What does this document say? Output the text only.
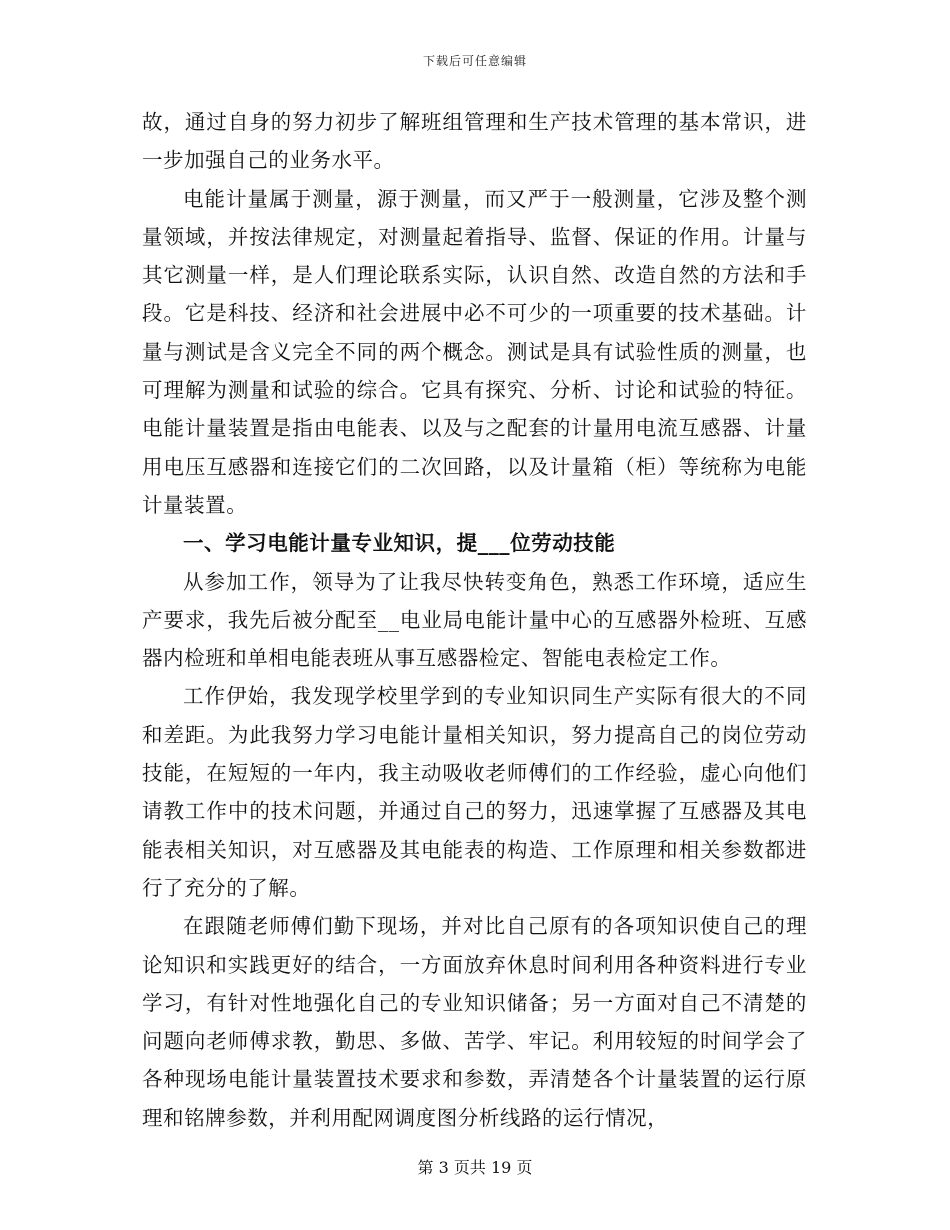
下载后可任意编辑

故，通过自身的努力初步了解班组管理和生产技术管理的基本常识，进一步加强自己的业务水平。

电能计量属于测量，源于测量，而又严于一般测量，它涉及整个测量领域，并按法律规定，对测量起着指导、监督、保证的作用。计量与其它测量一样，是人们理论联系实际，认识自然、改造自然的方法和手段。它是科技、经济和社会进展中必不可少的一项重要的技术基础。计量与测试是含义完全不同的两个概念。测试是具有试验性质的测量，也可理解为测量和试验的综合。它具有探究、分析、讨论和试验的特征。电能计量装置是指由电能表、以及与之配套的计量用电流互感器、计量用电压互感器和连接它们的二次回路，以及计量箱（柜）等统称为电能计量装置。

一、学习电能计量专业知识，提___位劳动技能

从参加工作，领导为了让我尽快转变角色，熟悉工作环境，适应生产要求，我先后被分配至__电业局电能计量中心的互感器外检班、互感器内检班和单相电能表班从事互感器检定、智能电表检定工作。

工作伊始，我发现学校里学到的专业知识同生产实际有很大的不同和差距。为此我努力学习电能计量相关知识，努力提高自己的岗位劳动技能，在短短的一年内，我主动吸收老师傅们的工作经验，虚心向他们请教工作中的技术问题，并通过自己的努力，迅速掌握了互感器及其电能表相关知识，对互感器及其电能表的构造、工作原理和相关参数都进行了充分的了解。

在跟随老师傅们勤下现场，并对比自己原有的各项知识使自己的理论知识和实践更好的结合，一方面放弃休息时间利用各种资料进行专业学习，有针对性地强化自己的专业知识储备；另一方面对自己不清楚的问题向老师傅求教，勤思、多做、苦学、牢记。利用较短的时间学会了各种现场电能计量装置技术要求和参数，弄清楚各个计量装置的运行原理和铭牌参数，并利用配网调度图分析线路的运行情况，

第 3 页共 19 页
